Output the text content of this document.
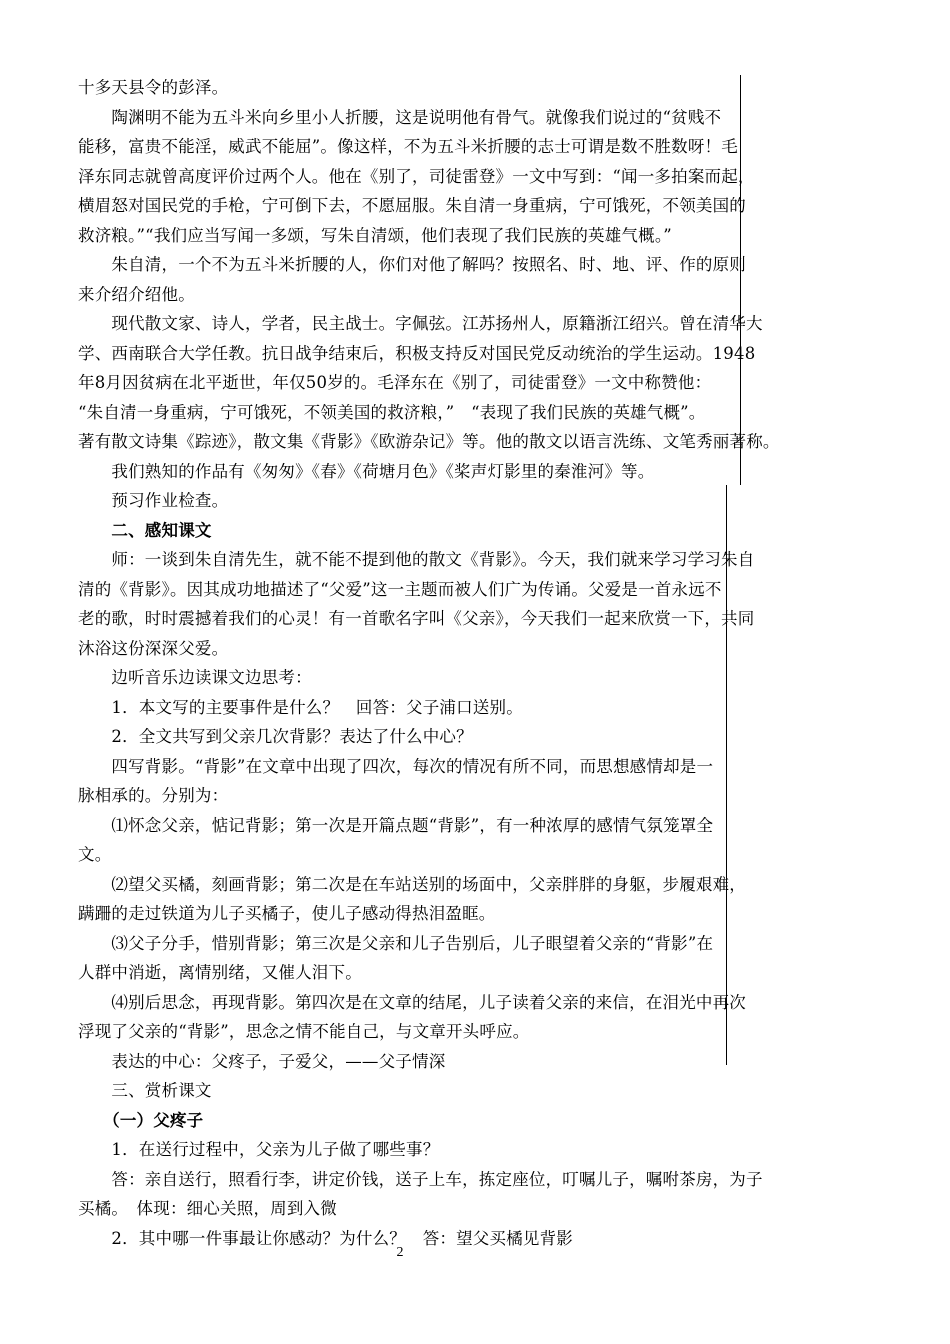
十多天县令的彭泽。
　　陶渊明不能为五斗米向乡里小人折腰，这是说明他有骨气。就像我们说过的“贫贱不
能移，富贵不能淫，威武不能屈”。像这样，不为五斗米折腰的志士可谓是数不胜数呀！毛
泽东同志就曾高度评价过两个人。他在《别了，司徒雷登》一文中写到：“闻一多拍案而起，
横眉怒对国民党的手枪，宁可倒下去，不愿屈服。朱自清一身重病，宁可饿死，不领美国的
救济粮。”“我们应当写闻一多颂，写朱自清颂，他们表现了我们民族的英雄气概。”
　　朱自清，一个不为五斗米折腰的人，你们对他了解吗？按照名、时、地、评、作的原则
来介绍介绍他。
　　现代散文家、诗人，学者，民主战士。字佩弦。江苏扬州人，原籍浙江绍兴。曾在清华大
学、西南联合大学任教。抗日战争结束后，积极支持反对国民党反动统治的学生运动。1948
年8月因贫病在北平逝世，年仅50岁的。毛泽东在《别了，司徒雷登》一文中称赞他：
“朱自清一身重病，宁可饿死，不领美国的救济粮，”　“表现了我们民族的英雄气概”。
著有散文诗集《踪迹》，散文集《背影》《欧游杂记》等。他的散文以语言洗练、文笔秀丽著称。
　　我们熟知的作品有《匆匆》《春》《荷塘月色》《桨声灯影里的秦淮河》等。
　　预习作业检查。
　　二、感知课文
　　师：一谈到朱自清先生，就不能不提到他的散文《背影》。今天，我们就来学习学习朱自
清的《背影》。因其成功地描述了“父爱”这一主题而被人们广为传诵。父爱是一首永远不
老的歌，时时震撼着我们的心灵！有一首歌名字叫《父亲》，今天我们一起来欣赏一下，共同
沐浴这份深深父爱。
　　边听音乐边读课文边思考：
　　1．本文写的主要事件是什么？　回答：父子浦口送别。
　　2．全文共写到父亲几次背影？表达了什么中心？
　　四写背影。“背影”在文章中出现了四次，每次的情况有所不同，而思想感情却是一
脉相承的。分别为：
　　⑴怀念父亲，惦记背影；第一次是开篇点题“背影”，有一种浓厚的感情气氛笼罩全
文。
　　⑵望父买橘，刻画背影；第二次是在车站送别的场面中，父亲胖胖的身躯，步履艰难，
蹒跚的走过铁道为儿子买橘子，使儿子感动得热泪盈眶。
　　⑶父子分手，惜别背影；第三次是父亲和儿子告别后，儿子眼望着父亲的“背影”在
人群中消逝，离情别绪，又催人泪下。
　　⑷别后思念，再现背影。第四次是在文章的结尾，儿子读着父亲的来信，在泪光中再次
浮现了父亲的“背影”，思念之情不能自己，与文章开头呼应。
　　表达的中心：父疼子，子爱父，——父子情深
　　三、赏析课文
　　（一）父疼子
　　1．在送行过程中，父亲为儿子做了哪些事？
　　答：亲自送行，照看行李，讲定价钱，送子上车，拣定座位，叮嘱儿子，嘱咐茶房，为子
买橘。　体现：细心关照，周到入微
　　2．其中哪一件事最让你感动？为什么？　答：望父买橘见背影
2
